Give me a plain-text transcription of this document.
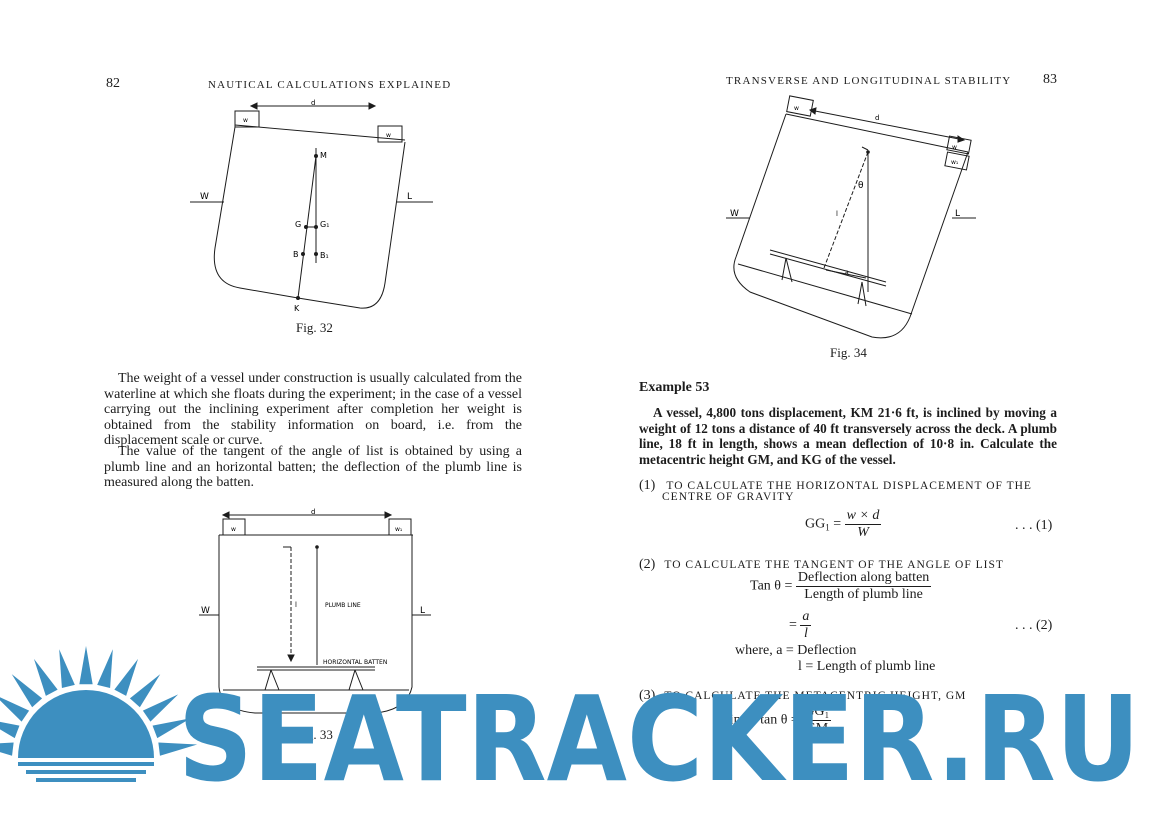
82	NAUTICAL CALCULATIONS EXPLAINED
d
w
w
M
W	L
G G₁
B	B₁
K
Fig. 32
The weight of a vessel under construction is usually calculated from the waterline at which she floats during the experiment; in the case of a vessel carrying out the inclining experiment after completion her weight is obtained from the stability information on board, i.e. from the displacement scale or curve.
The value of the tangent of the angle of list is obtained by using a plumb line and an horizontal batten; the deflection of the plumb line is measured along the batten.
d
w	w₁
W	L
l	PLUMB LINE
HORIZONTAL BATTEN
Fig. 33
TRANSVERSE AND LONGITUDINAL STABILITY 83
d
w
w
w₁
θ
W	L
l
a
Fig. 34
Example 53
A vessel, 4,800 tons displacement, KM 21·6 ft, is inclined by moving a weight of 12 tons a distance of 40 ft transversely across the deck. A plumb line, 18 ft in length, shows a mean deflection of 10·8 in. Calculate the metacentric height GM, and KG of the vessel.
(1) TO CALCULATE THE HORIZONTAL DISPLACEMENT OF THE
CENTRE OF GRAVITY
$GG_1 = \frac{w \times d}{W}$	. . . (1)
(2) TO CALCULATE THE TANGENT OF THE ANGLE OF LIST
Tan $\theta = \frac{\text{Deflection along batten}}{\text{Length of plumb line}}$
= $\frac{a}{l}$	. . . (2)
where, a = Deflection
l = Length of plumb line
(3) TO CALCULATE THE METACENTRIC HEIGHT, GM
Since, $\tan \theta = \frac{\text{GG₁}}{GM}$
SEATRACKER.RU
